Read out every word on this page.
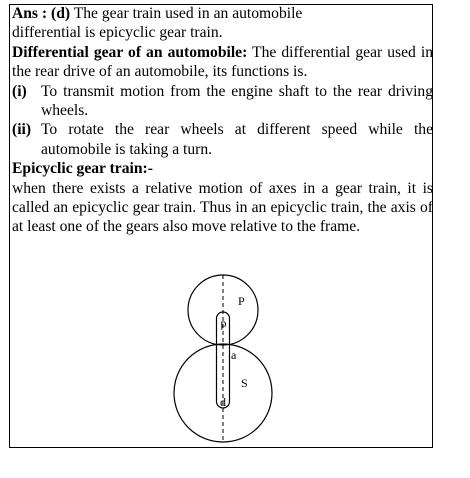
Ans : (d) The gear train used in an automobile
differential is epicyclic gear train.

Differential gear of an automobile: The differential gear used in the rear drive of an automobile, its functions is.

(i) To transmit motion from the engine shaft to the rear driving wheels.
(ii) To rotate the rear wheels at different speed while the automobile is taking a turn.

Epicyclic gear train:-

when there exists a relative motion of axes in a gear train, it is called an epicyclic gear train. Thus in an epicyclic train, the axis of at least one of the gears also move relative to the frame.

P
p
a
S
d
